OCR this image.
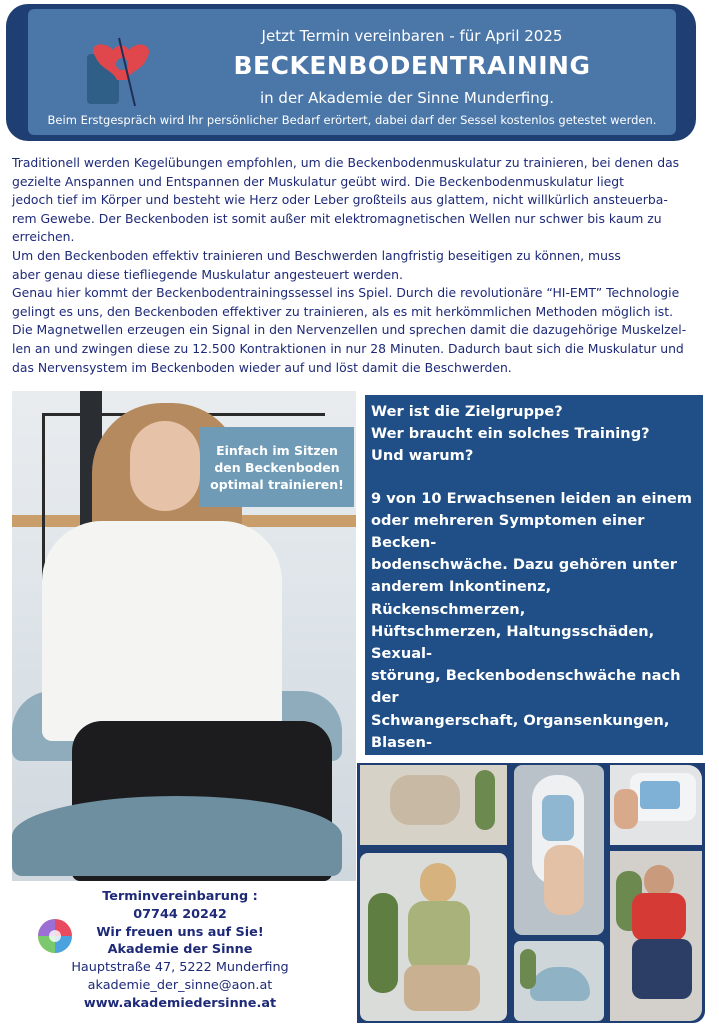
Jetzt Termin vereinbaren - für April 2025
BECKENBODENTRAINING
in der Akademie der Sinne Munderfing.
Beim Erstgespräch wird Ihr persönlicher Bedarf erörtert, dabei darf der Sessel kostenlos getestet werden.

Traditionell werden Kegelübungen empfohlen, um die Beckenbodenmuskulatur zu trainieren, bei denen das

gezielte Anspannen und Entspannen der Muskulatur geübt wird. Die Beckenbodenmuskulatur liegt

jedoch tief im Körper und besteht wie Herz oder Leber großteils aus glattem, nicht willkürlich ansteuerba-

rem Gewebe. Der Beckenboden ist somit außer mit elektromagnetischen Wellen nur schwer bis kaum zu

erreichen.

Um den Beckenboden effektiv trainieren und Beschwerden langfristig beseitigen zu können, muss

aber genau diese tiefliegende Muskulatur angesteuert werden.

Genau hier kommt der Beckenbodentrainingssessel ins Spiel. Durch die revolutionäre “HI-EMT” Technologie

gelingt es uns, den Beckenboden effektiver zu trainieren, als es mit herkömmlichen Methoden möglich ist.

Die Magnetwellen erzeugen ein Signal in den Nervenzellen und sprechen damit die dazugehörige Muskelzel-

len an und zwingen diese zu 12.500 Kontraktionen in nur 28 Minuten. Dadurch baut sich die Muskulatur und

das Nervensystem im Beckenboden wieder auf und löst damit die Beschwerden.

Einfach im Sitzen
den Beckenboden
optimal trainieren!

Wer ist die Zielgruppe?

Wer braucht ein solches Training?

Und warum?

9 von 10 Erwachsenen leiden an einem

oder mehreren Symptomen einer Becken-

bodenschwäche. Dazu gehören unter

anderem Inkontinenz, Rückenschmerzen,

Hüftschmerzen, Haltungsschäden, Sexual-

störung, Beckenbodenschwäche nach der

Schwangerschaft, Organsenkungen, Blasen-

Terminvereinbarung :
07744 20242
Wir freuen uns auf Sie!
Akademie der Sinne
Hauptstraße 47, 5222 Munderfing
akademie_der_sinne@aon.at
www.akademiedersinne.at
